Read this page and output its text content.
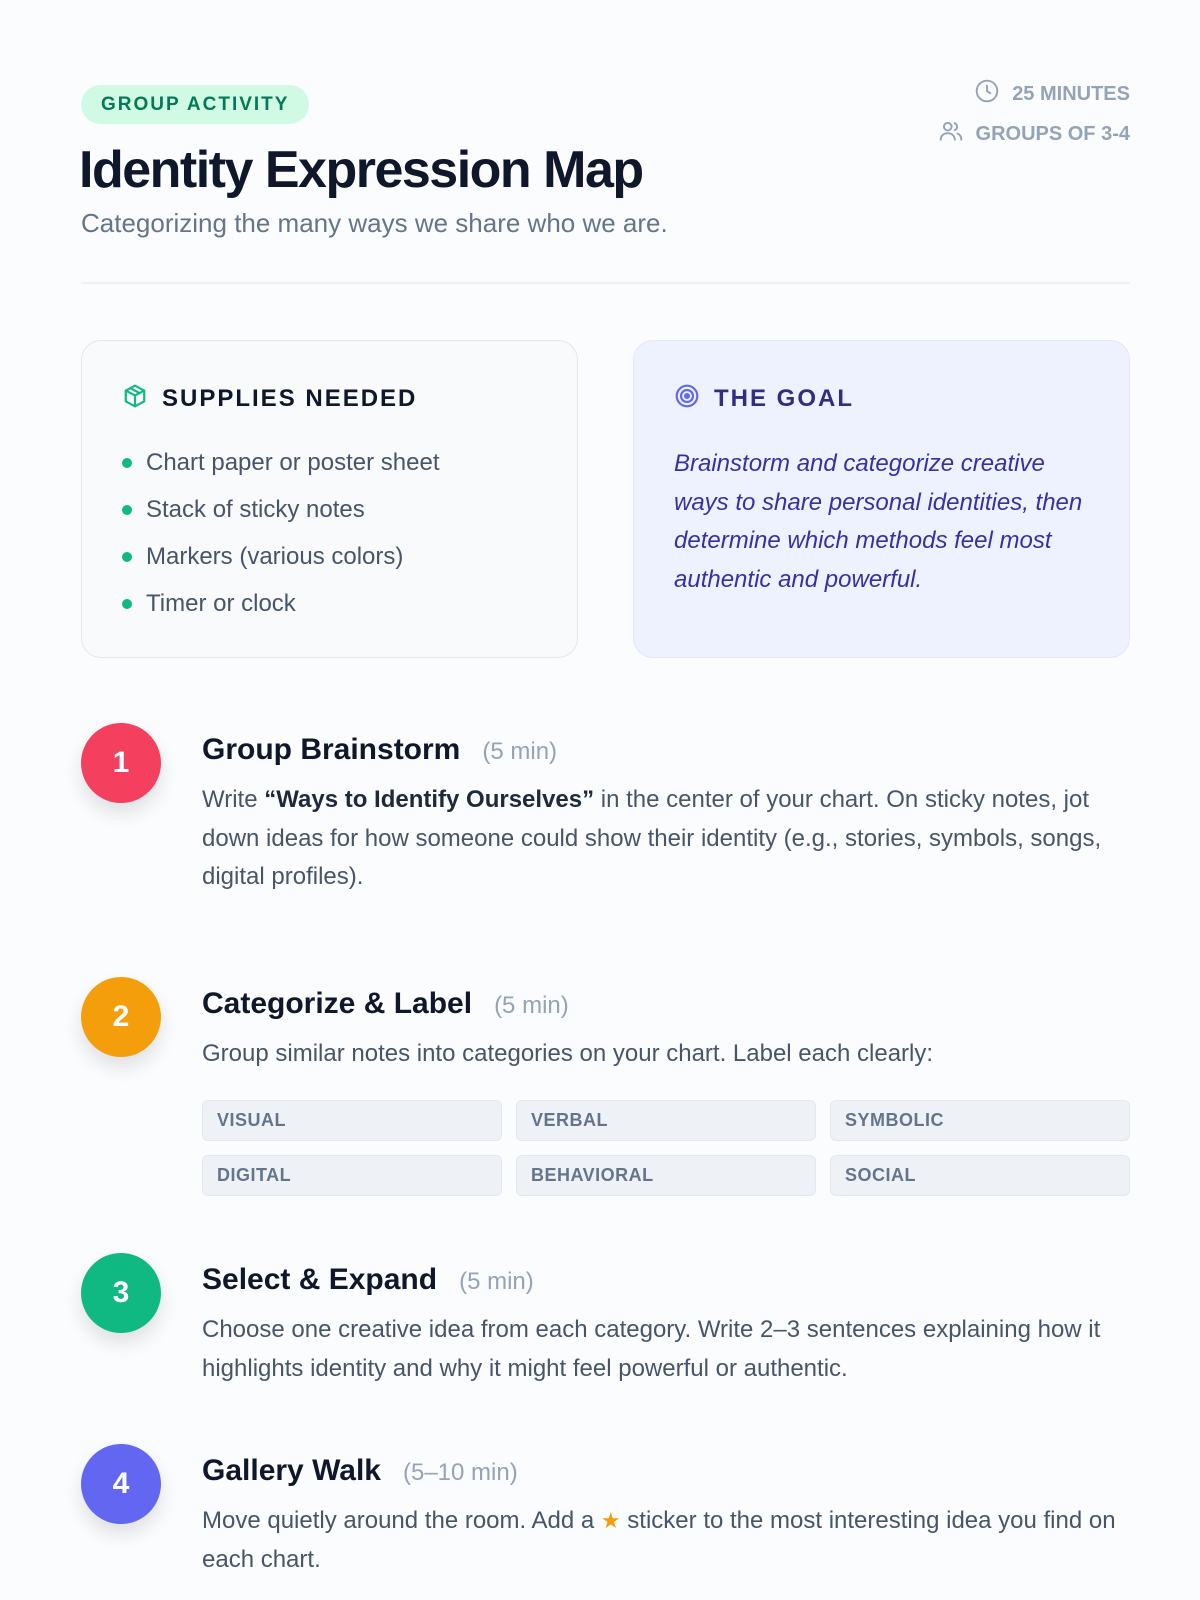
GROUP ACTIVITY
Identity Expression Map

Categorizing the many ways we share who we are.

25 MINUTES
GROUPS OF 3-4
SUPPLIES NEEDED
Chart paper or poster sheet
Stack of sticky notes
Markers (various colors)
Timer or clock
THE GOAL

Brainstorm and categorize creative ways to share personal identities, then determine which methods feel most authentic and powerful.

1	Group Brainstorm (5 min)

Write “Ways to Identify Ourselves” in the center of your chart. On sticky notes, jot down ideas for how someone could show their identity (e.g., stories, symbols, songs, digital profiles).

2	Categorize & Label (5 min)

Group similar notes into categories on your chart. Label each clearly:

VISUAL	VERBAL	SYMBOLIC
DIGITAL	BEHAVIORAL	SOCIAL
3	Select & Expand (5 min)

Choose one creative idea from each category. Write 2–3 sentences explaining how it highlights identity and why it might feel powerful or authentic.

4	Gallery Walk (5–10 min)

Move quietly around the room. Add a ★ sticker to the most interesting idea you find on each chart.
